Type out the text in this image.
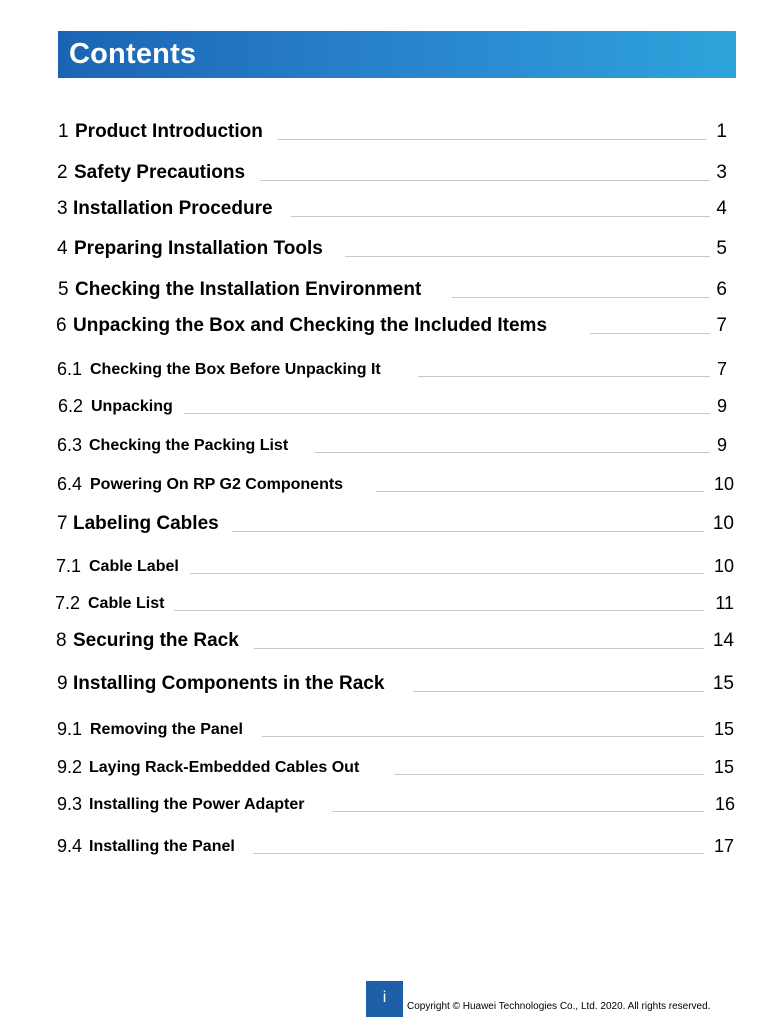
Contents
1 Product Introduction	1
2 Safety Precautions	3
3 Installation Procedure	4
4 Preparing Installation Tools	5
5 Checking the Installation Environment	6
6 Unpacking the Box and Checking the Included Items	7
6.1 Checking the Box Before Unpacking It	7
6.2 Unpacking	9
6.3 Checking the Packing List	9
6.4 Powering On RP G2 Components	10
7 Labeling Cables	10
7.1 Cable Label	10
7.2 Cable List	11
8 Securing the Rack	14
9 Installing Components in the Rack	15
9.1 Removing the Panel	15
9.2 Laying Rack-Embedded Cables Out	15
9.3 Installing the Power Adapter	16
9.4 Installing the Panel	17
i
Copyright © Huawei Technologies Co., Ltd. 2020. All rights reserved.
